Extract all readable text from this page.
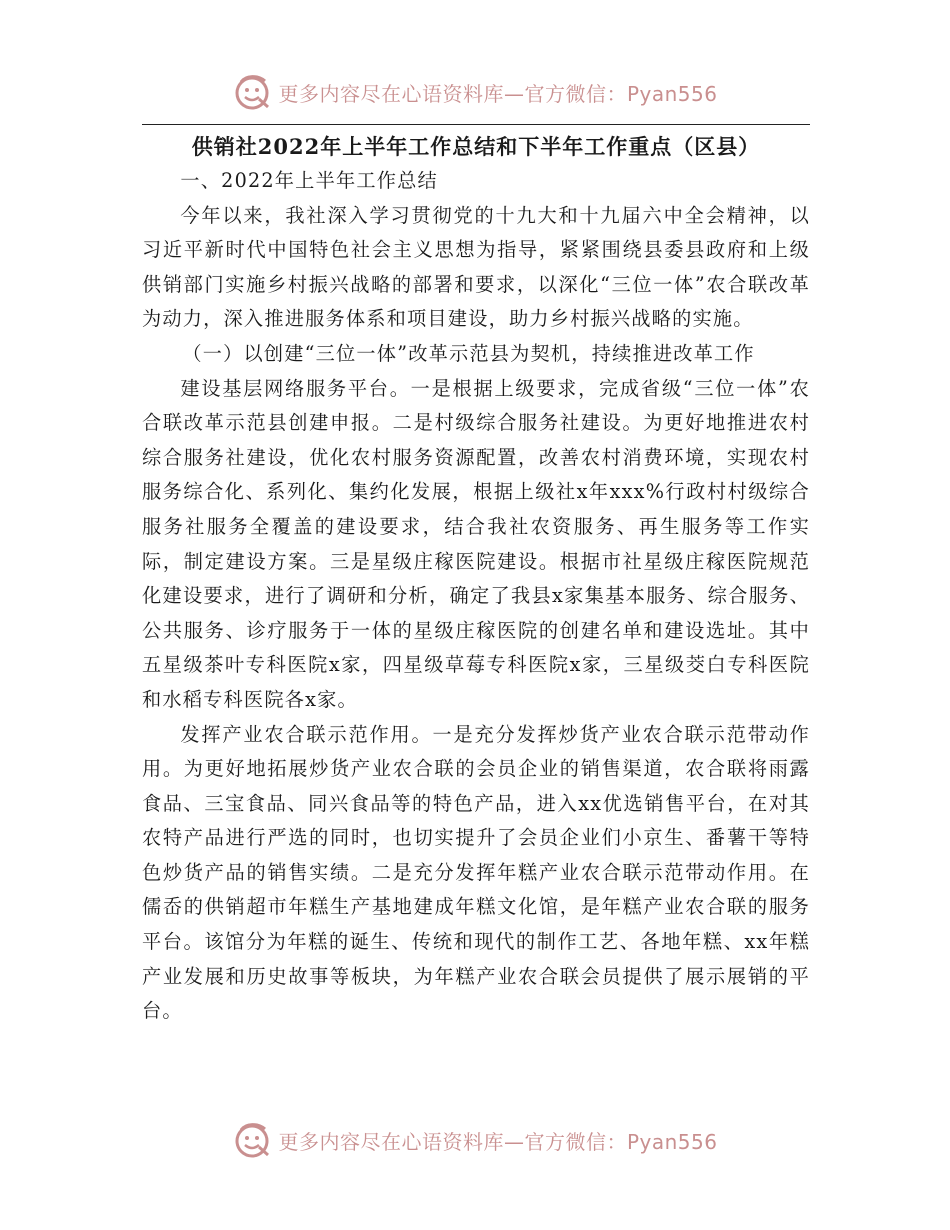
更多内容尽在心语资料库—官方微信：Pyan556
供销社2022年上半年工作总结和下半年工作重点（区县）

一、2022年上半年工作总结

今年以来，我社深入学习贯彻党的十九大和十九届六中全会精神，以习近平新时代中国特色社会主义思想为指导，紧紧围绕县委县政府和上级供销部门实施乡村振兴战略的部署和要求，以深化“三位一体”农合联改革为动力，深入推进服务体系和项目建设，助力乡村振兴战略的实施。

（一）以创建“三位一体”改革示范县为契机，持续推进改革工作

建设基层网络服务平台。一是根据上级要求，完成省级“三位一体”农合联改革示范县创建申报。二是村级综合服务社建设。为更好地推进农村综合服务社建设，优化农村服务资源配置，改善农村消费环境，实现农村服务综合化、系列化、集约化发展，根据上级社x年xxx%行政村村级综合服务社服务全覆盖的建设要求，结合我社农资服务、再生服务等工作实际，制定建设方案。三是星级庄稼医院建设。根据市社星级庄稼医院规范化建设要求，进行了调研和分析，确定了我县x家集基本服务、综合服务、公共服务、诊疗服务于一体的星级庄稼医院的创建名单和建设选址。其中五星级茶叶专科医院x家，四星级草莓专科医院x家，三星级茭白专科医院和水稻专科医院各x家。

发挥产业农合联示范作用。一是充分发挥炒货产业农合联示范带动作用。为更好地拓展炒货产业农合联的会员企业的销售渠道，农合联将雨露食品、三宝食品、同兴食品等的特色产品，进入xx优选销售平台，在对其农特产品进行严选的同时，也切实提升了会员企业们小京生、番薯干等特色炒货产品的销售实绩。二是充分发挥年糕产业农合联示范带动作用。在儒岙的供销超市年糕生产基地建成年糕文化馆，是年糕产业农合联的服务平台。该馆分为年糕的诞生、传统和现代的制作工艺、各地年糕、xx年糕产业发展和历史故事等板块，为年糕产业农合联会员提供了展示展销的平台。

更多内容尽在心语资料库—官方微信：Pyan556
